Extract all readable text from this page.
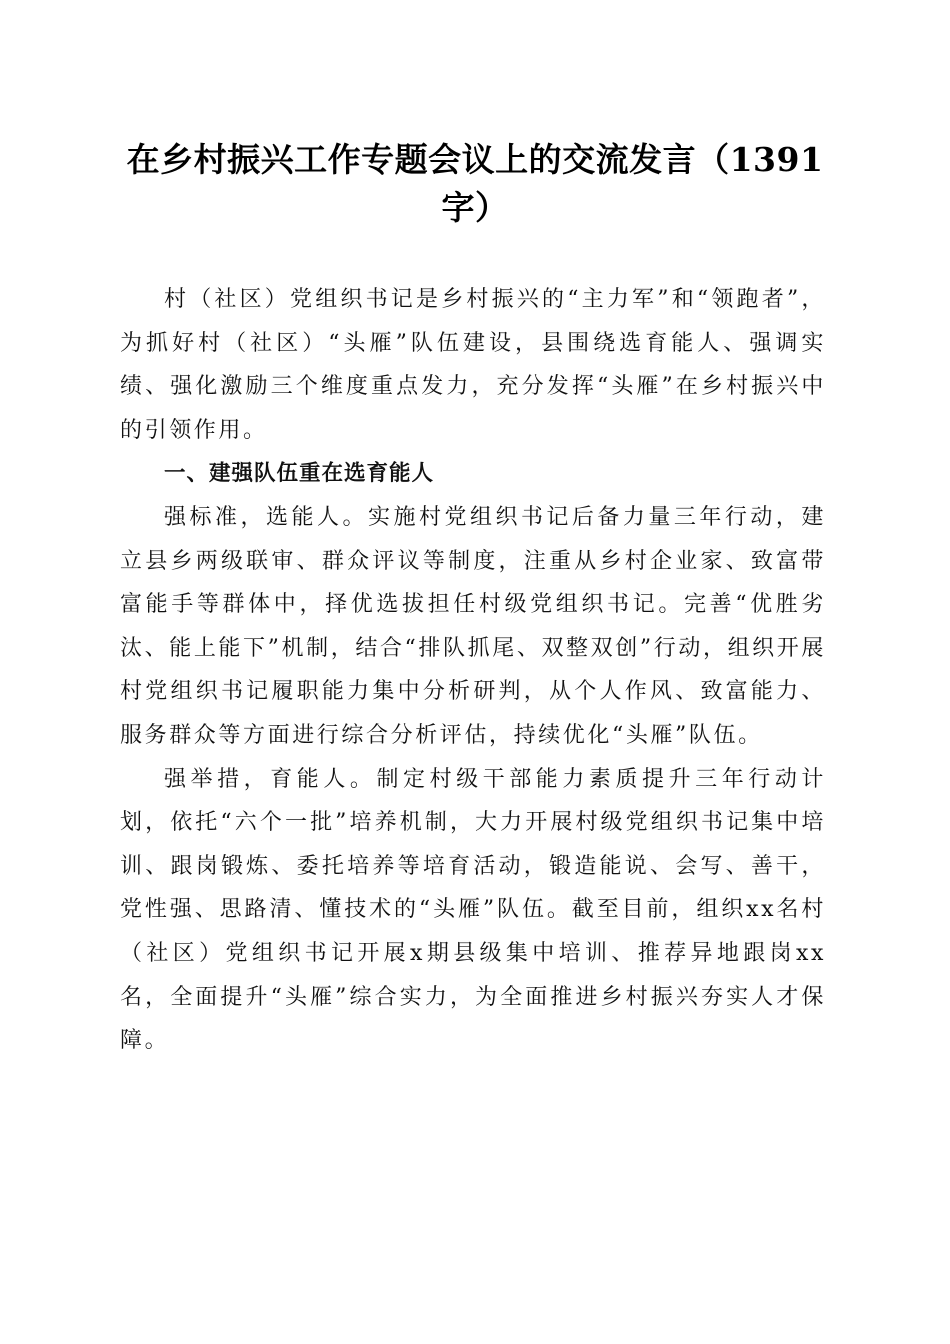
在乡村振兴工作专题会议上的交流发言（1391字）

村（社区）党组织书记是乡村振兴的“主力军”和“领跑者”，为抓好村（社区）“头雁”队伍建设，县围绕选育能人、强调实绩、强化激励三个维度重点发力，充分发挥“头雁”在乡村振兴中的引领作用。

一、建强队伍重在选育能人

强标准，选能人。实施村党组织书记后备力量三年行动，建立县乡两级联审、群众评议等制度，注重从乡村企业家、致富带富能手等群体中，择优选拔担任村级党组织书记。完善“优胜劣汰、能上能下”机制，结合“排队抓尾、双整双创”行动，组织开展村党组织书记履职能力集中分析研判，从个人作风、致富能力、服务群众等方面进行综合分析评估，持续优化“头雁”队伍。

强举措，育能人。制定村级干部能力素质提升三年行动计划，依托“六个一批”培养机制，大力开展村级党组织书记集中培训、跟岗锻炼、委托培养等培育活动，锻造能说、会写、善干，党性强、思路清、懂技术的“头雁”队伍。截至目前，组织xx名村（社区）党组织书记开展x期县级集中培训、推荐异地跟岗xx名，全面提升“头雁”综合实力，为全面推进乡村振兴夯实人才保障。
